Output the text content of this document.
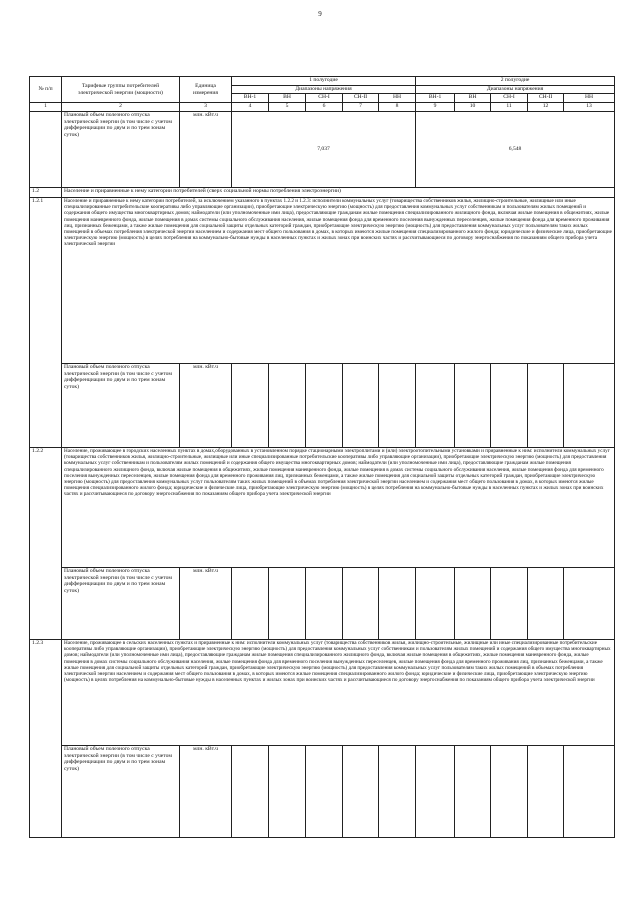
9
№ п/п	Тарифные группы потребителей электрической энергии (мощности)	Единица измерения	1 полугодие					2 полугодие				
			Диапазоны напряжения					Диапазоны напряжения				
			ВН-1	ВН	СН-I	СН-II	НН	ВН-1	ВН	СН-I	СН-II	НН
1	2	3	4	5	6	7	8	9	10	11	12	13
	Плановый объем полезного отпуска электрической энергии (в том числе с учетом дифференциации по двум и по трем зонам суток)	млн. кВт.ч	7,037					6,548				
1.2	Население и приравненные к нему категории потребителей (сверх социальной нормы потребления электроэнергии)											
1.2.1	Население и приравненные к нему категории потребителей, за исключением указанного в пунктах 1.2.2 и 1.2.3: исполнители коммунальных услуг (товарищества собственников жилья, жилищно-строительные, жилищные или иные специализированные потребительские кооперативы либо управляющие организации), приобретающие электрическую энергию (мощность) для предоставления коммунальных услуг собственникам и пользователям жилых помещений и содержания общего имущества многоквартирных домов; наймодатели (или уполномоченные ими лица), предоставляющие гражданам жилые помещения специализированного жилищного фонда, включая жилые помещения в общежитиях, жилые помещения маневренного фонда, жилые помещения в домах системы социального обслуживания населения, жилые помещения фонда для временного поселения вынужденных переселенцев, жилые помещения фонда для временного проживания лиц, признанных беженцами, а также жилые помещения для социальной защиты отдельных категорий граждан, приобретающие электрическую энергию (мощность) для предоставления коммунальных услуг пользователям таких жилых помещений в объемах потребления электрической энергии населением и содержания мест общего пользования в домах, в которых имеются жилые помещения специализированного жилого фонда; юридические и физические лица, приобретающие электрическую энергию (мощность) в целях потребления на коммунально-бытовые нужды в населенных пунктах и жилых зонах при воинских частях и рассчитывающиеся по договору энергоснабжения по показаниям общего прибора учета электрической энергии											
	Плановый объем полезного отпуска электрической энергии (в том числе с учетом дифференциации по двум и по трем зонам суток)	млн. кВт.ч										
1.2.2	Население, проживающее в городских населенных пунктах в домах,оборудованных в установленном порядке стационарными электроплитами и (или) электроотопительными установками и приравненные к ним: исполнители коммунальных услуг (товарищества собственников жилья, жилищно-строительные, жилищные или иные специализированные потребительские кооперативы либо управляющие организации), приобретающие электрическую энергию (мощность) для предоставления коммунальных услуг собственникам и пользователям жилых помещений и содержания общего имущества многоквартирных домов; наймодатели (или уполномоченные ими лица), предоставляющие гражданам жилые помещения специализированного жилищного фонда, включая жилые помещения в общежитиях, жилые помещения маневренного фонда, жилые помещения в домах системы социального обслуживания населения, жилые помещения фонда для временного поселения вынужденных переселенцев, жилые помещения фонда для временного проживания лиц, признанных беженцами, а также жилые помещения для социальной защиты отдельных категорий граждан, приобретающие электрическую энергию (мощность) для предоставления коммунальных услуг пользователям таких жилых помещений в объемах потребления электрической энергии населением и содержания мест общего пользования в домах, в которых имеются жилые помещения специализированного жилого фонда; юридические и физические лица, приобретающие электрическую энергию (мощность) в целях потребления на коммунально-бытовые нужды в населенных пунктах и жилых зонах при воинских частях и рассчитывающиеся по договору энергоснабжения по показаниям общего прибора учета электрической энергии											
	Плановый объем полезного отпуска электрической энергии (в том числе с учетом дифференциации по двум и по трем зонам суток)	млн. кВт.ч										
1.2.3	Население, проживающее в сельских населенных пунктах и приравненные к ним: исполнители коммунальных услуг (товарищества собственников жилья, жилищно-строительные, жилищные или иные специализированные потребительские кооперативы либо управляющие организации), приобретающие электрическую энергию (мощность) для предоставления коммунальных услуг собственникам и пользователям жилых помещений и содержания общего имущества многоквартирных домов; наймодатели (или уполномоченные ими лица), предоставляющие гражданам жилые помещения специализированного жилищного фонда, включая жилые помещения в общежитиях, жилые помещения маневренного фонда, жилые помещения в домах системы социального обслуживания населения, жилые помещения фонда для временного поселения вынужденных переселенцев, жилые помещения фонда для временного проживания лиц, признанных беженцами, а также жилые помещения для социальной защиты отдельных категорий граждан, приобретающие электрическую энергию (мощность) для предоставления коммунальных услуг пользователям таких жилых помещений в объемах потребления электрической энергии населением и содержания мест общего пользования в домах, в которых имеются жилые помещения специализированного жилого фонда; юридические и физические лица, приобретающие электрическую энергию (мощность) в целях потребления на коммунально-бытовые нужды в населенных пунктах и жилых зонах при воинских частях и рассчитывающиеся по договору энергоснабжения по показаниям общего прибора учета электрической энергии											
	Плановый объем полезного отпуска электрической энергии (в том числе с учетом дифференциации по двум и по трем зонам суток)	млн. кВт.ч										
